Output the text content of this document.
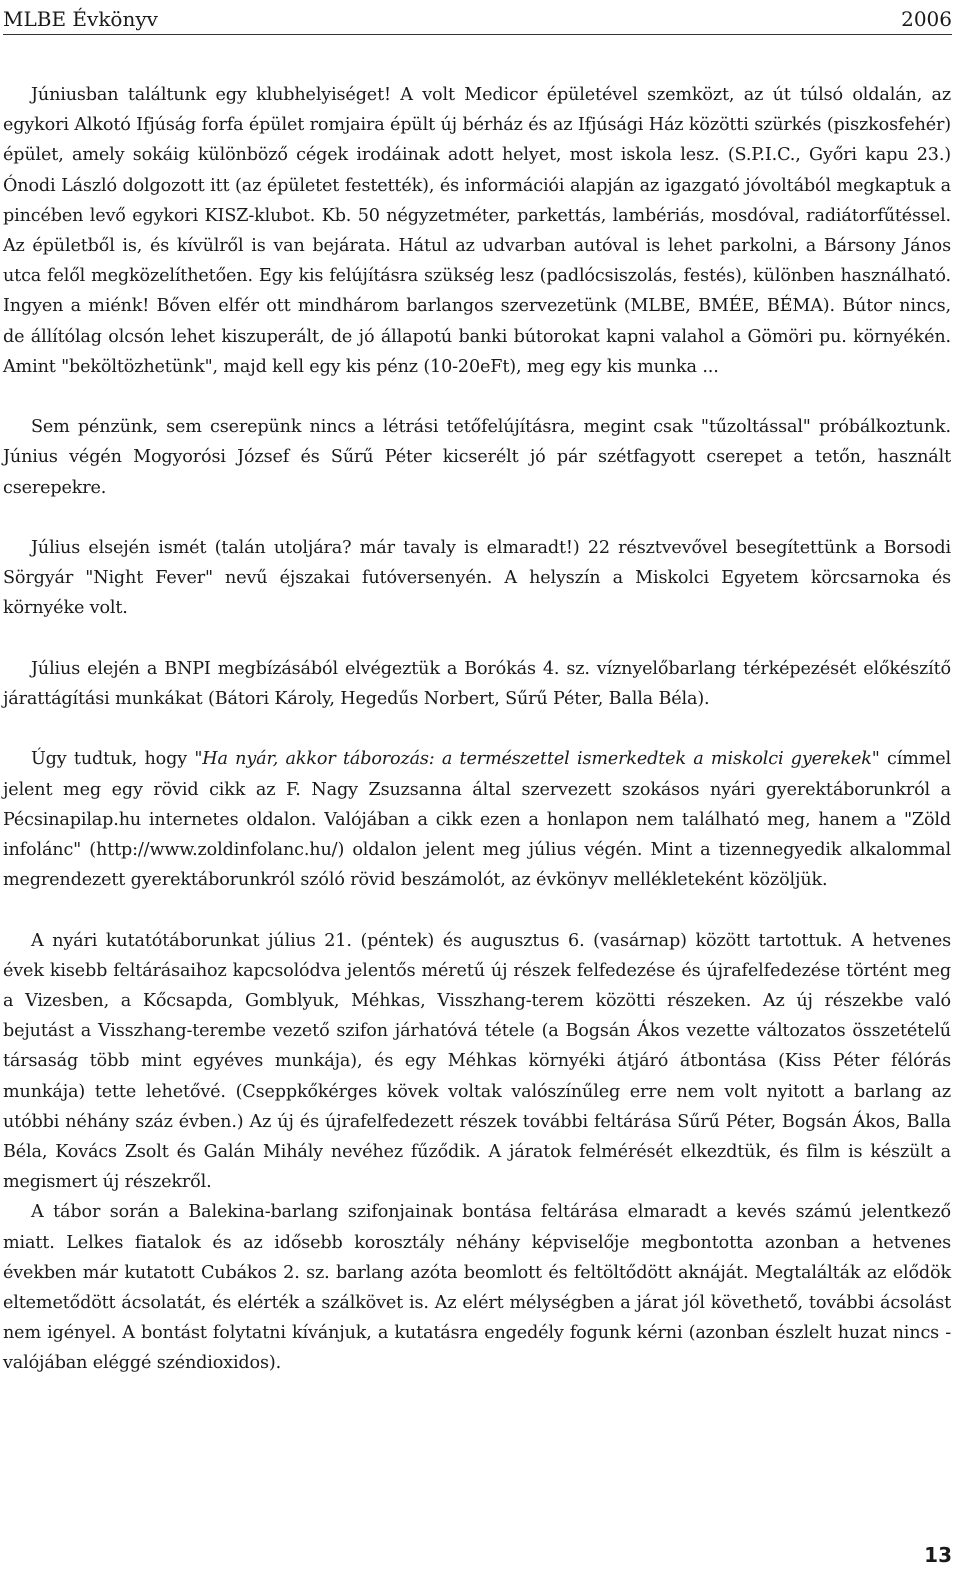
MLBE Évkönyv	2006

Júniusban találtunk egy klubhelyiséget! A volt Medicor épületével szemközt, az út túlsó oldalán, az egykori Alkotó Ifjúság forfa épület romjaira épült új bérház és az Ifjúsági Ház közötti szürkés (piszkosfehér) épület, amely sokáig különböző cégek irodáinak adott helyet, most iskola lesz. (S.P.I.C., Győri kapu 23.) Ónodi László dolgozott itt (az épületet festették), és információi alapján az igazgató jóvoltából megkaptuk a pincében levő egykori KISZ-klubot. Kb. 50 négyzetméter, parkettás, lambériás, mosdóval, radiátorfűtéssel. Az épületből is, és kívülről is van bejárata. Hátul az udvarban autóval is lehet parkolni, a Bársony János utca felől megközelíthetően. Egy kis felújításra szükség lesz (padlócsiszolás, festés), különben használható. Ingyen a miénk! Bőven elfér ott mindhárom barlangos szervezetünk (MLBE, BMÉE, BÉMA). Bútor nincs, de állítólag olcsón lehet kiszuperált, de jó állapotú banki bútorokat kapni valahol a Gömöri pu. környékén. Amint "beköltözhetünk", majd kell egy kis pénz (10-20eFt), meg egy kis munka ...

Sem pénzünk, sem cserepünk nincs a létrási tetőfelújításra, megint csak "tűzoltással" próbálkoztunk. Június végén Mogyorósi József és Sűrű Péter kicserélt jó pár szétfagyott cserepet a tetőn, használt cserepekre.

Július elsején ismét (talán utoljára? már tavaly is elmaradt!) 22 résztvevővel besegítettünk a Borsodi Sörgyár "Night Fever" nevű éjszakai futóversenyén. A helyszín a Miskolci Egyetem körcsarnoka és környéke volt.

Július elején a BNPI megbízásából elvégeztük a Borókás 4. sz. víznyelőbarlang térképezését előkészítő járattágítási munkákat (Bátori Károly, Hegedűs Norbert, Sűrű Péter, Balla Béla).

Úgy tudtuk, hogy "Ha nyár, akkor táborozás: a természettel ismerkedtek a miskolci gyerekek" címmel jelent meg egy rövid cikk az F. Nagy Zsuzsanna által szervezett szokásos nyári gyerektáborunkról a Pécsinapilap.hu internetes oldalon. Valójában a cikk ezen a honlapon nem található meg, hanem a "Zöld infolánc" (http://www.zoldinfolanc.hu/) oldalon jelent meg július végén. Mint a tizennegyedik alkalommal megrendezett gyerektáborunkról szóló rövid beszámolót, az évkönyv mellékleteként közöljük.

A nyári kutatótáborunkat július 21. (péntek) és augusztus 6. (vasárnap) között tartottuk. A hetvenes évek kisebb feltárásaihoz kapcsolódva jelentős méretű új részek felfedezése és újrafelfedezése történt meg a Vizesben, a Kőcsapda, Gomblyuk, Méhkas, Visszhang-terem közötti részeken. Az új részekbe való bejutást a Visszhang-terembe vezető szifon járhatóvá tétele (a Bogsán Ákos vezette változatos összetételű társaság több mint egyéves munkája), és egy Méhkas környéki átjáró átbontása (Kiss Péter félórás munkája) tette lehetővé. (Cseppkőkérges kövek voltak valószínűleg erre nem volt nyitott a barlang az utóbbi néhány száz évben.) Az új és újrafelfedezett részek további feltárása Sűrű Péter, Bogsán Ákos, Balla Béla, Kovács Zsolt és Galán Mihály nevéhez fűződik. A járatok felmérését elkezdtük, és film is készült a megismert új részekről.

A tábor során a Balekina-barlang szifonjainak bontása feltárása elmaradt a kevés számú jelentkező miatt. Lelkes fiatalok és az idősebb korosztály néhány képviselője megbontotta azonban a hetvenes években már kutatott Cubákos 2. sz. barlang azóta beomlott és feltöltődött aknáját. Megtalálták az elődök eltemetődött ácsolatát, és elérték a szálkövet is. Az elért mélységben a járat jól követhető, további ácsolást nem igényel. A bontást folytatni kívánjuk, a kutatásra engedély fogunk kérni (azonban észlelt huzat nincs - valójában eléggé széndioxidos).

13
